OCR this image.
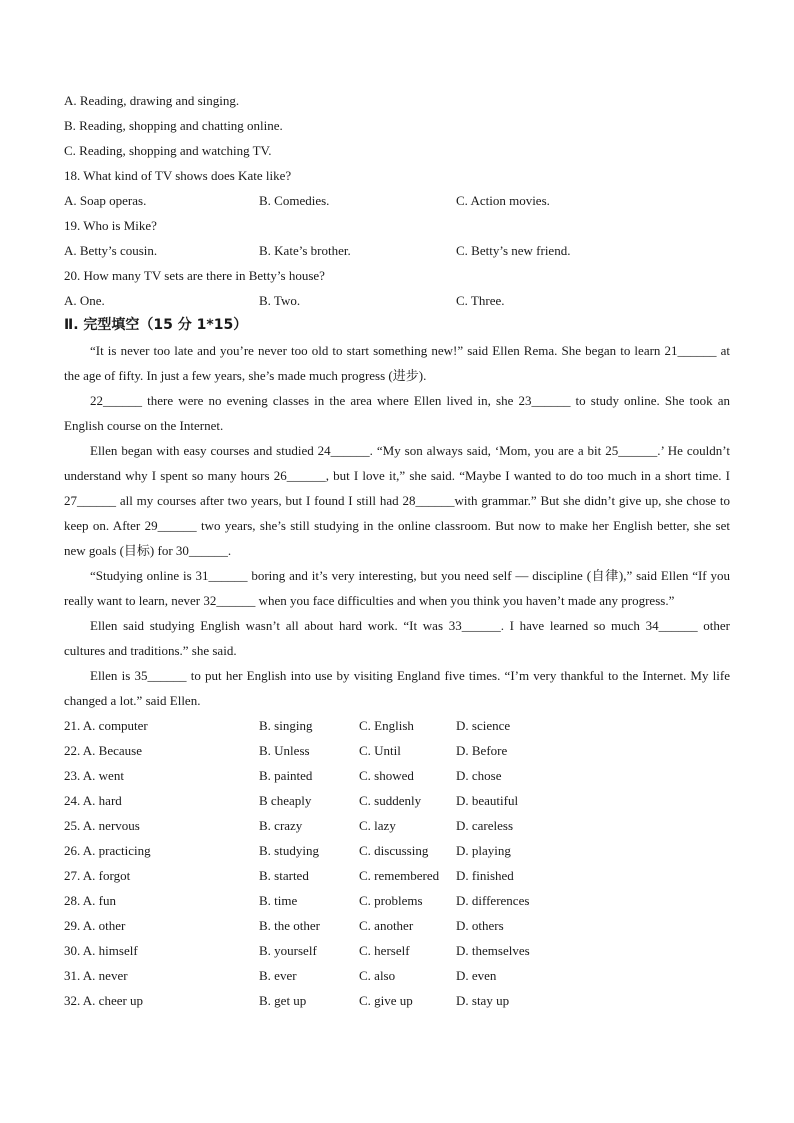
A. Reading, drawing and singing.
B. Reading, shopping and chatting online.
C. Reading, shopping and watching TV.
18. What kind of TV shows does Kate like?
A. Soap operas.	B. Comedies.	C. Action movies.
19. Who is Mike?
A. Betty’s cousin.	B. Kate’s brother.	C. Betty’s new friend.
20. How many TV sets are there in Betty’s house?
A. One.	B. Two.	C. Three.
Ⅱ. 完型填空（15 分 1*15）

“It is never too late and you’re never too old to start something new!” said Ellen Rema. She began to learn 21______ at the age of fifty. In just a few years, she’s made much progress (进步).

22______ there were no evening classes in the area where Ellen lived in, she 23______ to study online. She took an English course on the Internet.

Ellen began with easy courses and studied 24______. “My son always said, ‘Mom, you are a bit 25______.’ He couldn’t understand why I spent so many hours 26______, but I love it,” she said. “Maybe I wanted to do too much in a short time. I 27______ all my courses after two years, but I found I still had 28______with grammar.” But she didn’t give up, she chose to keep on. After 29______ two years, she’s still studying in the online classroom. But now to make her English better, she set new goals (目标) for 30______.

“Studying online is 31______ boring and it’s very interesting, but you need self — discipline (自律),” said Ellen “If you really want to learn, never 32______ when you face difficulties and when you think you haven’t made any progress.”

Ellen said studying English wasn’t all about hard work. “It was 33______. I have learned so much 34______ other cultures and traditions.” she said.

Ellen is 35______ to put her English into use by visiting England five times. “I’m very thankful to the Internet. My life changed a lot.” said Ellen.

21. A. computer	B. singing	C. English	D. science
22. A. Because	B. Unless	C. Until	D. Before
23. A. went	B. painted	C. showed	D. chose
24. A. hard	B cheaply	C. suddenly	D. beautiful
25. A. nervous	B. crazy	C. lazy	D. careless
26. A. practicing	B. studying	C. discussing	D. playing
27. A. forgot	B. started	C. remembered	D. finished
28. A. fun	B. time	C. problems	D. differences
29. A. other	B. the other	C. another	D. others
30. A. himself	B. yourself	C. herself	D. themselves
31. A. never	B. ever	C. also	D. even
32. A. cheer up	B. get up	C. give up	D. stay up
